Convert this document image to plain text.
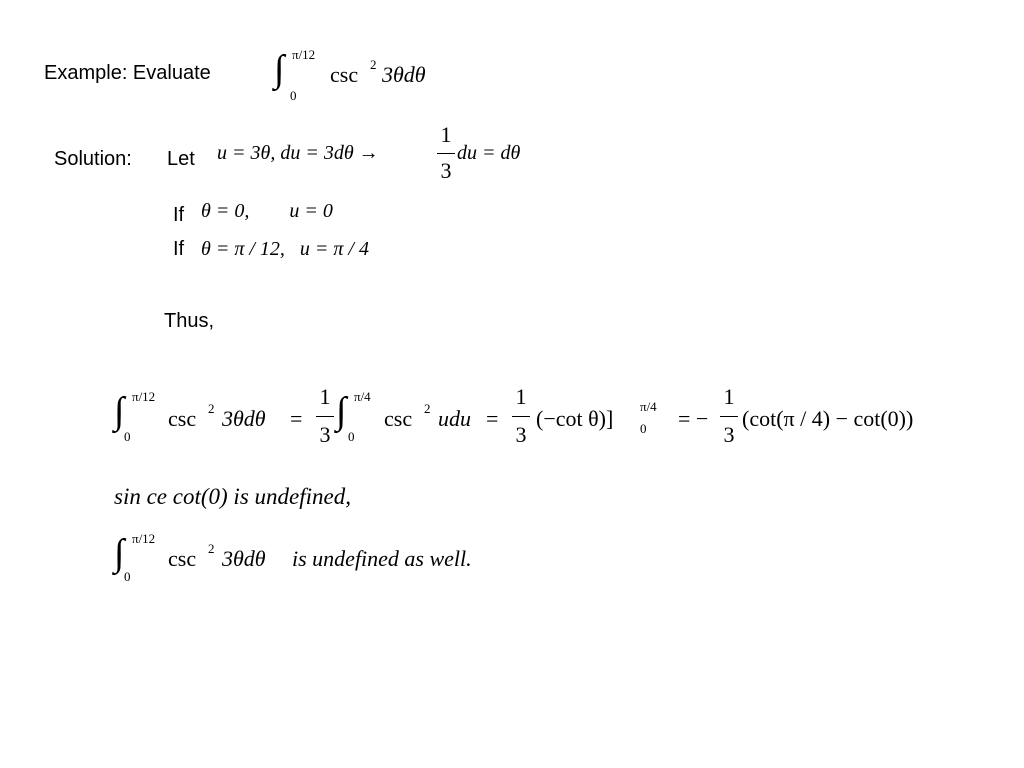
Example: Evaluate ∫ π/12
0
csc 2 3θdθ
Solution: Let u = 3θ, du = 3dθ →
1
3
du = dθ
If θ = 0,        u = 0
If θ = π / 12,   u = π / 4
Thus,
∫ π/12
0
csc 2 3θdθ =
1
3
∫ π/4
0
csc 2 udu =
1
3
(−cot θ)] π/4
0 = −
1
3
(cot(π / 4) − cot(0))
sin ce cot(0) is undefined,
∫ π/12
0
csc 2 3θdθ is undefined as well.
